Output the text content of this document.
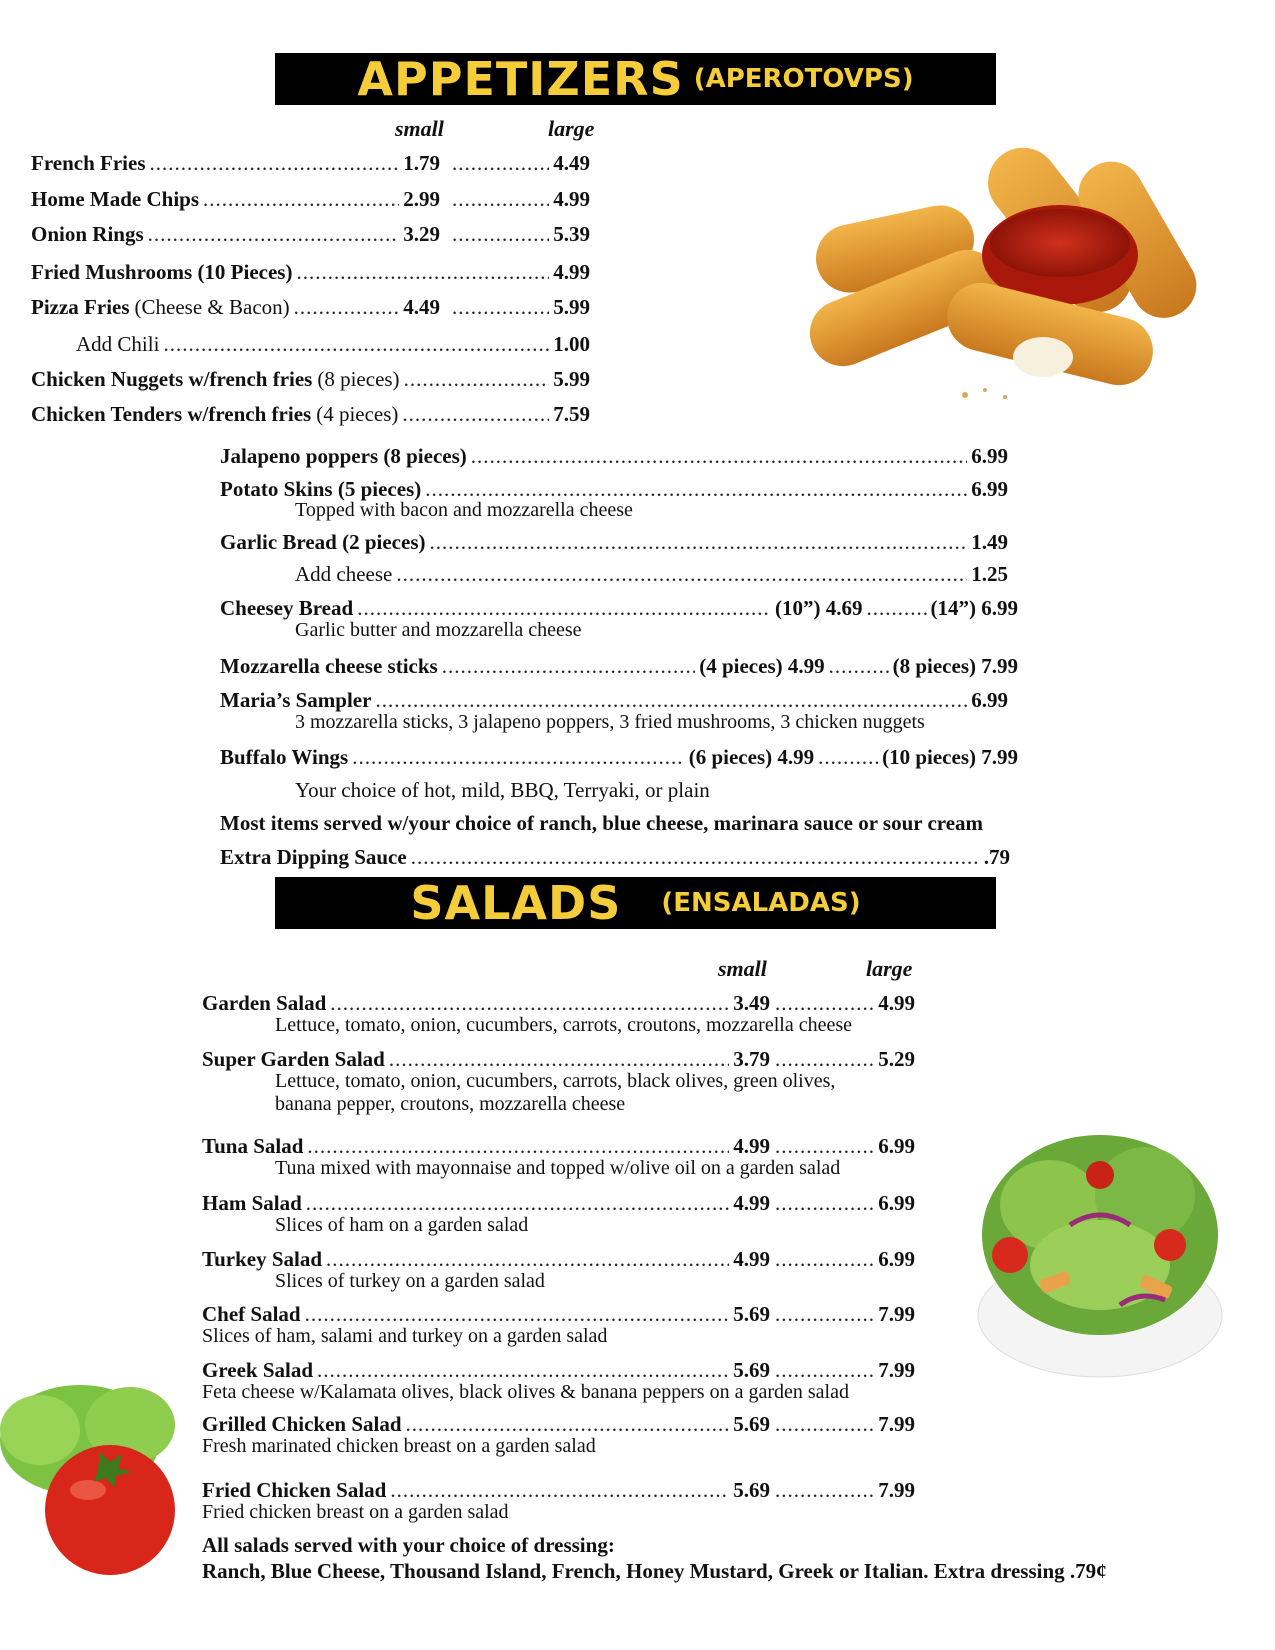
APPETIZERS (APEROTOVPS)
small	large
French Fries .....	1.79 .....	4.49
Home Made Chips .....	2.99 .....	4.99
Onion Rings .....	3.29 .....	5.39
Fried Mushrooms (10 Pieces) .....	4.99
Pizza Fries (Cheese & Bacon) .....	4.49 .....	5.99
Add Chili .....	1.00
Chicken Nuggets w/french fries (8 pieces) .....	5.99
Chicken Tenders w/french fries (4 pieces) .....	7.59
Jalapeno poppers (8 pieces) .....	6.99
Potato Skins (5 pieces) .....	6.99
Topped with bacon and mozzarella cheese
Garlic Bread (2 pieces) .....	1.49
Add cheese .....	1.25
Cheesey Bread .....	(10”) 4.69 .....	(14”) 6.99
Garlic butter and mozzarella cheese
Mozzarella cheese sticks .....	(4 pieces) 4.99 .....	(8 pieces) 7.99
Maria’s Sampler .....	6.99
3 mozzarella sticks, 3 jalapeno poppers, 3 fried mushrooms, 3 chicken nuggets
Buffalo Wings .....	(6 pieces) 4.99 .....	(10 pieces) 7.99
Your choice of hot, mild, BBQ, Terryaki, or plain
Most items served w/your choice of ranch, blue cheese, marinara sauce or sour cream
Extra Dipping Sauce .....	.79
SALADS (ENSALADAS)
small	large
Garden Salad .....	3.49 .....	4.99
Lettuce, tomato, onion, cucumbers, carrots, croutons, mozzarella cheese
Super Garden Salad .....	3.79 .....	5.29
Lettuce, tomato, onion, cucumbers, carrots, black olives, green olives,
banana pepper, croutons, mozzarella cheese
Tuna Salad .....	4.99 .....	6.99
Tuna mixed with mayonnaise and topped w/olive oil on a garden salad
Ham Salad .....	4.99 .....	6.99
Slices of ham on a garden salad
Turkey Salad .....	4.99 .....	6.99
Slices of turkey on a garden salad
Chef Salad .....	5.69 .....	7.99
Slices of ham, salami and turkey on a garden salad
Greek Salad .....	5.69 .....	7.99
Feta cheese w/Kalamata olives, black olives & banana peppers on a garden salad
Grilled Chicken Salad .....	5.69 .....	7.99
Fresh marinated chicken breast on a garden salad
Fried Chicken Salad .....	5.69 .....	7.99
Fried chicken breast on a garden salad
All salads served with your choice of dressing:
Ranch, Blue Cheese, Thousand Island, French, Honey Mustard, Greek or Italian. Extra dressing .79¢
